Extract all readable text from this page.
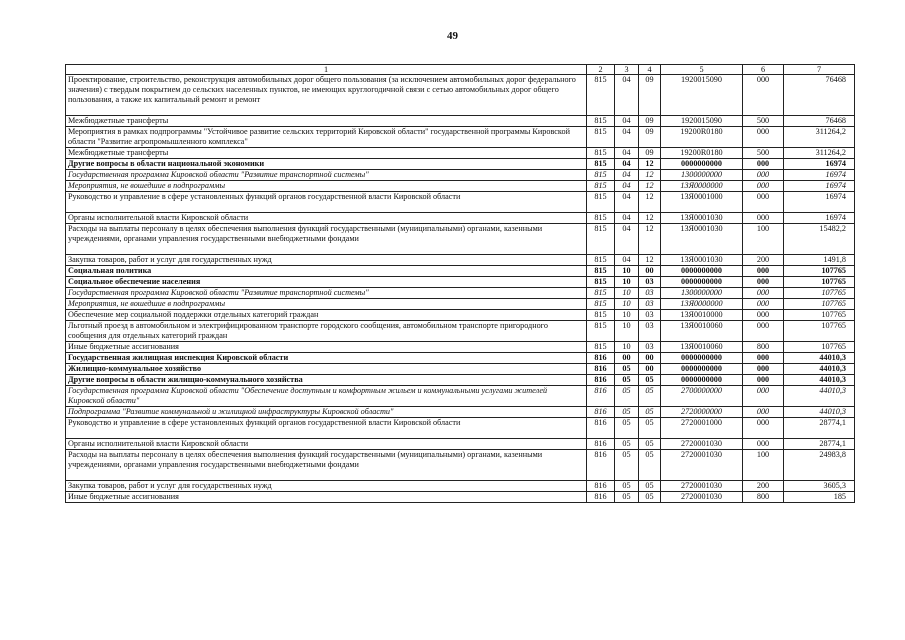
49
1	2	3	4	5	6	7
Проектирование, строительство, реконструкция автомобильных дорог общего пользования (за исключением автомобильных дорог федерального значения) с твердым покрытием до сельских населенных пунктов, не имеющих круглогодичной связи с сетью автомобильных дорог общего пользования, а также их капитальный ремонт и ремонт	815	04	09	1920015090	000	76468
Межбюджетные трансферты	815	04	09	1920015090	500	76468
Мероприятия в рамках подпрограммы "Устойчивое развитие сельских территорий Кировской области" государственной программы Кировской области "Развитие агропромышленного комплекса"	815	04	09	19200R0180	000	311264,2
Межбюджетные трансферты	815	04	09	19200R0180	500	311264,2
Другие вопросы в области национальной экономики	815	04	12	0000000000	000	16974
Государственная программа Кировской области "Развитие транспортной системы"	815	04	12	1300000000	000	16974
Мероприятия, не вошедшие в подпрограммы	815	04	12	13Я0000000	000	16974
Руководство и управление в сфере установленных функций органов государственной власти Кировской области	815	04	12	13Я0001000	000	16974
Органы исполнительной власти Кировской области	815	04	12	13Я0001030	000	16974
Расходы на выплаты персоналу в целях обеспечения выполнения функций государственными (муниципальными) органами, казенными учреждениями, органами управления государственными внебюджетными фондами	815	04	12	13Я0001030	100	15482,2
Закупка товаров, работ и услуг для государственных нужд	815	04	12	13Я0001030	200	1491,8
Социальная политика	815	10	00	0000000000	000	107765
Социальное обеспечение населения	815	10	03	0000000000	000	107765
Государственная программа Кировской области "Развитие транспортной системы"	815	10	03	1300000000	000	107765
Мероприятия, не вошедшие в подпрограммы	815	10	03	13Я0000000	000	107765
Обеспечение мер социальной поддержки отдельных категорий граждан	815	10	03	13Я0010000	000	107765
Льготный проезд в автомобильном и электрифицированном транспорте городского сообщения, автомобильном транспорте пригородного сообщения для отдельных категорий граждан	815	10	03	13Я0010060	000	107765
Иные бюджетные ассигнования	815	10	03	13Я0010060	800	107765
Государственная жилищная инспекция Кировской области	816	00	00	0000000000	000	44010,3
Жилищно-коммунальное хозяйство	816	05	00	0000000000	000	44010,3
Другие вопросы в области жилищно-коммунального хозяйства	816	05	05	0000000000	000	44010,3
Государственная программа Кировской области "Обеспечение доступным и комфортным жильем и коммунальными услугами жителей Кировской области"	816	05	05	2700000000	000	44010,3
Подпрограмма "Развитие коммунальной и жилищной инфраструктуры Кировской области"	816	05	05	2720000000	000	44010,3
Руководство и управление в сфере установленных функций органов государственной власти Кировской области	816	05	05	2720001000	000	28774,1
Органы исполнительной власти Кировской области	816	05	05	2720001030	000	28774,1
Расходы на выплаты персоналу в целях обеспечения выполнения функций государственными (муниципальными) органами, казенными учреждениями, органами управления государственными внебюджетными фондами	816	05	05	2720001030	100	24983,8
Закупка товаров, работ и услуг для государственных нужд	816	05	05	2720001030	200	3605,3
Иные бюджетные ассигнования	816	05	05	2720001030	800	185
